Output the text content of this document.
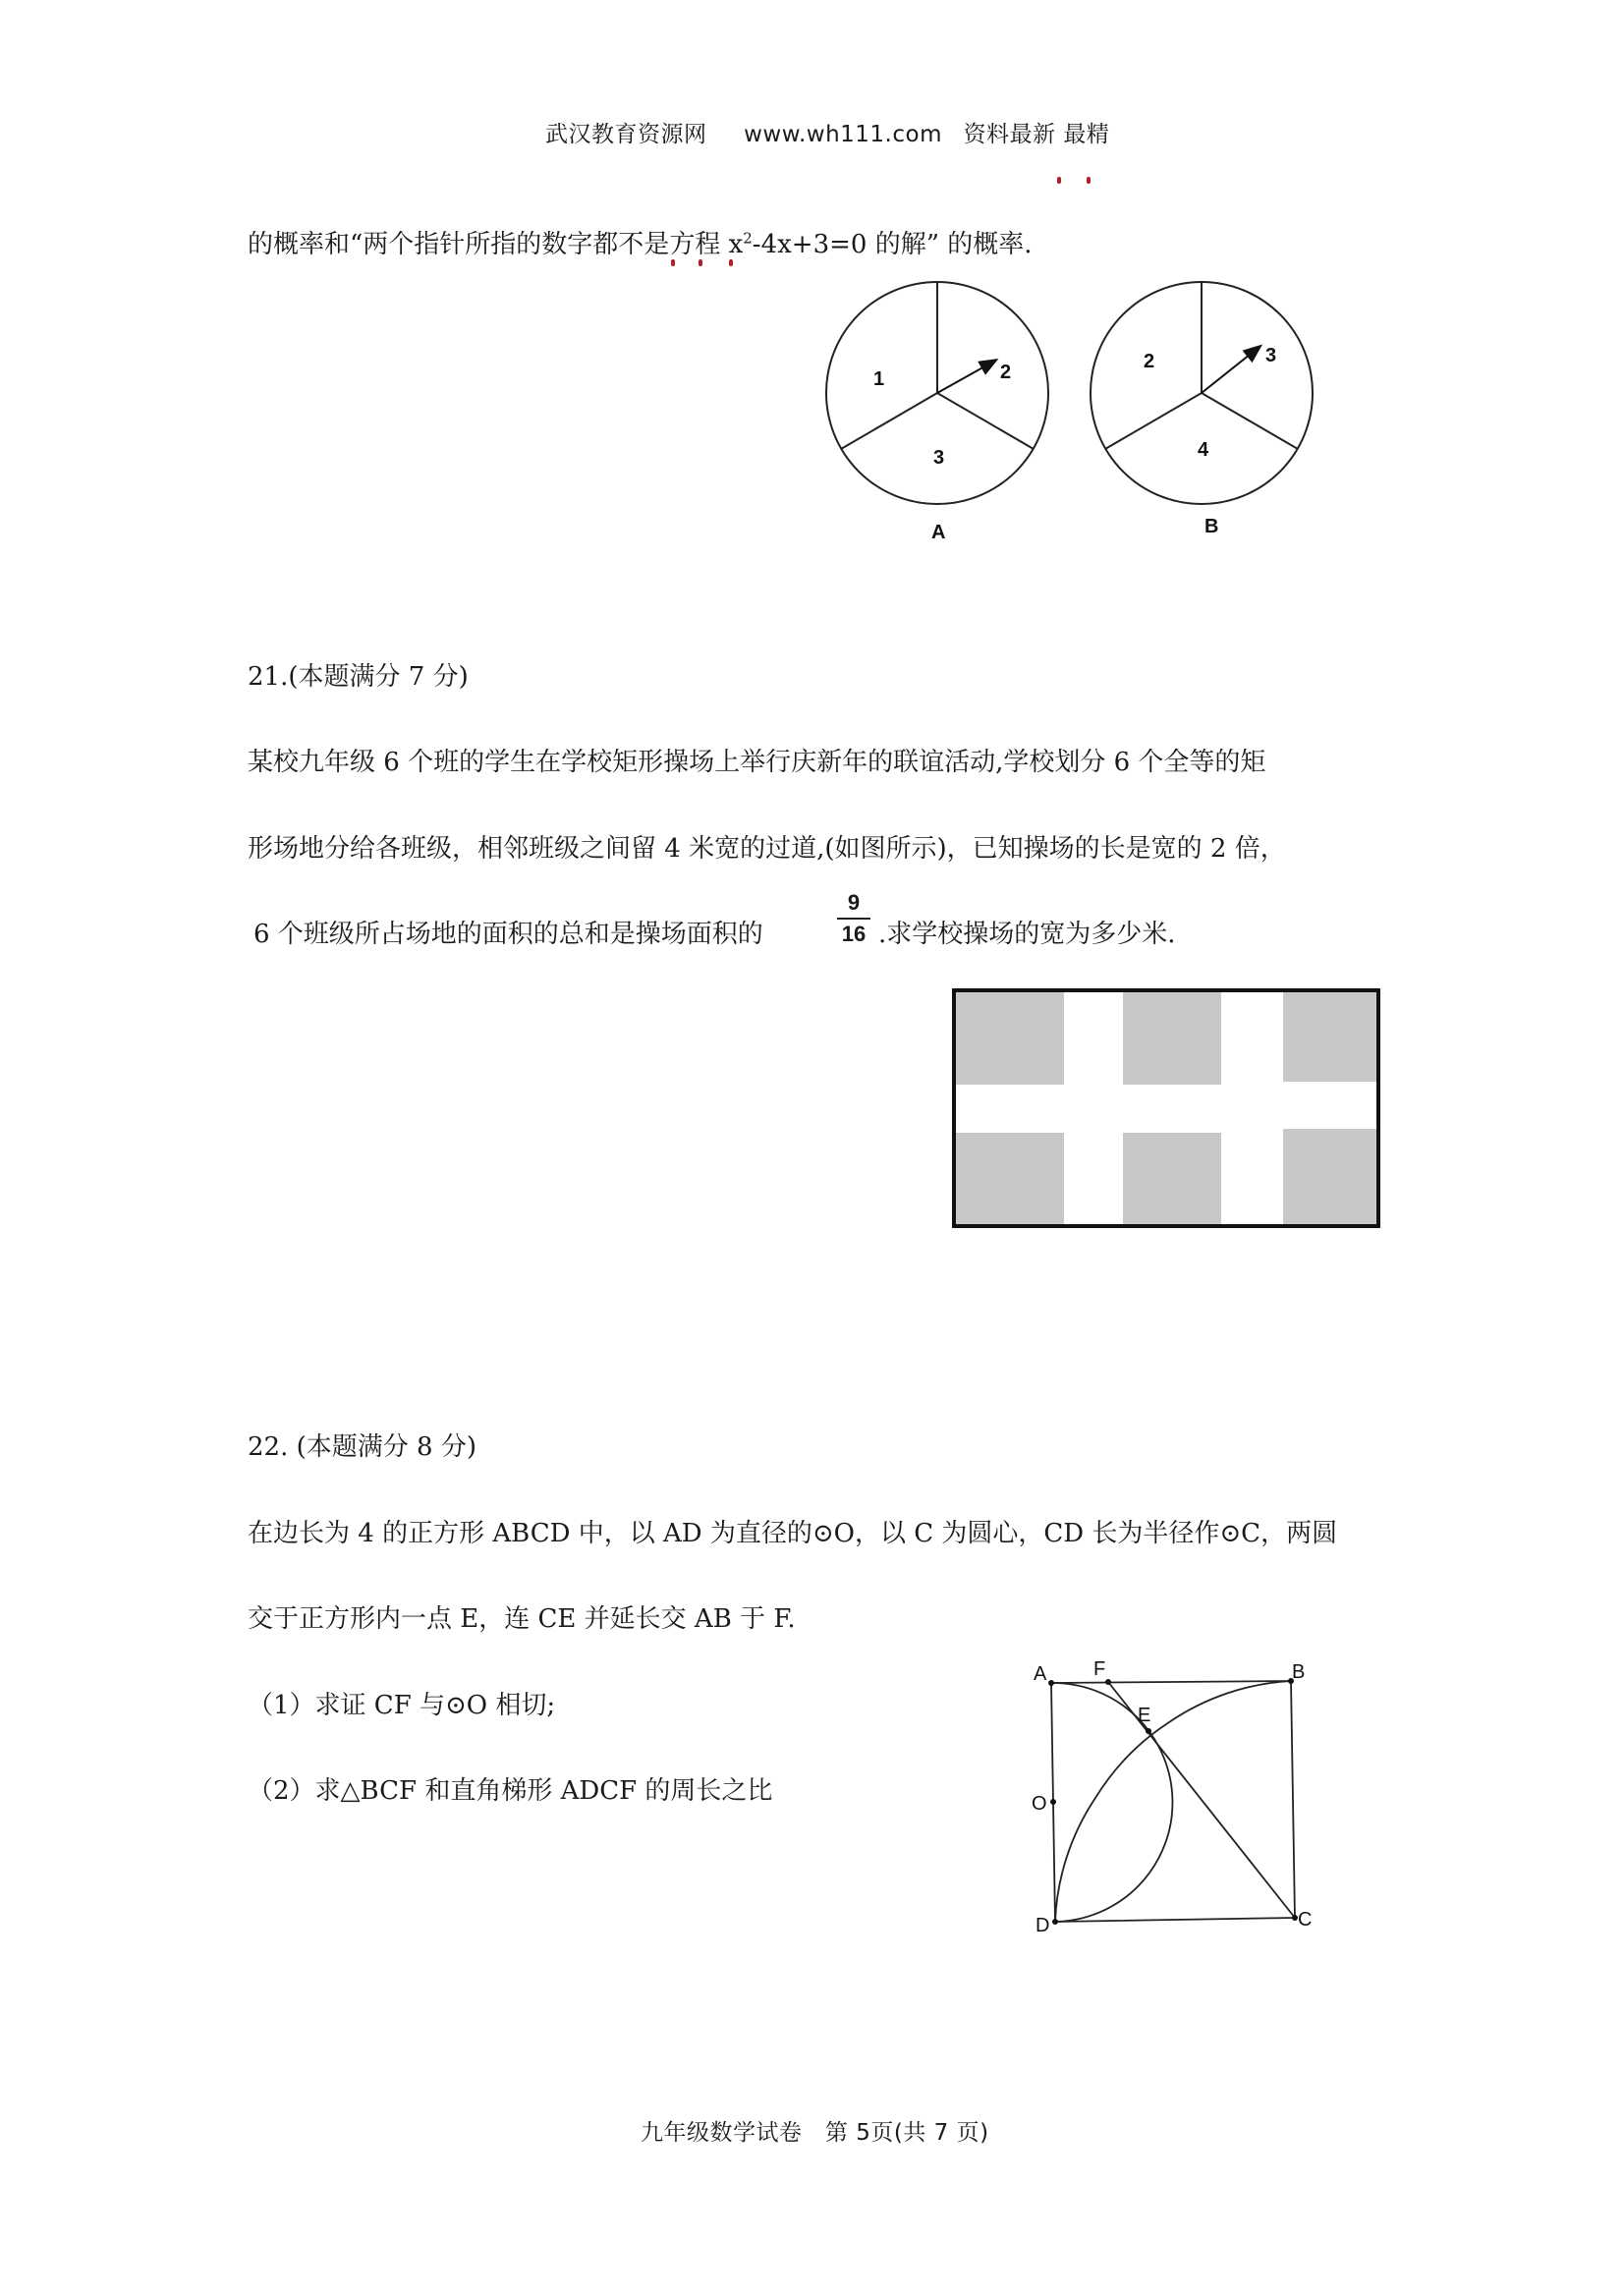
武汉教育资源网 www.wh111.com 资料最新 最精
的概率和“两个指针所指的数字都不是方程 $x^2-4x+3=0$ 的解” 的概率.
1	2
3
A
2	3
4
B
21.(本题满分 7 分)
某校九年级 6 个班的学生在学校矩形操场上举行庆新年的联谊活动,学校划分 6 个全等的矩
形场地分给各班级，相邻班级之间留 4 米宽的过道,(如图所示)，已知操场的长是宽的 2 倍，
6 个班级所占场地的面积的总和是操场面积的
9
16 .求学校操场的宽为多少米.
22. (本题满分 8 分)
在边长为 4 的正方形 ABCD 中，以 AD 为直径的⊙O，以 C 为圆心，CD 长为半径作⊙C，两圆
交于正方形内一点 E，连 CE 并延长交 AB 于 F.
（1）求证 CF 与⊙O 相切;
（2）求△BCF 和直角梯形 ADCF 的周长之比
A F	B
E
O
D	C
九年级数学试卷   第 5页(共 7 页)
